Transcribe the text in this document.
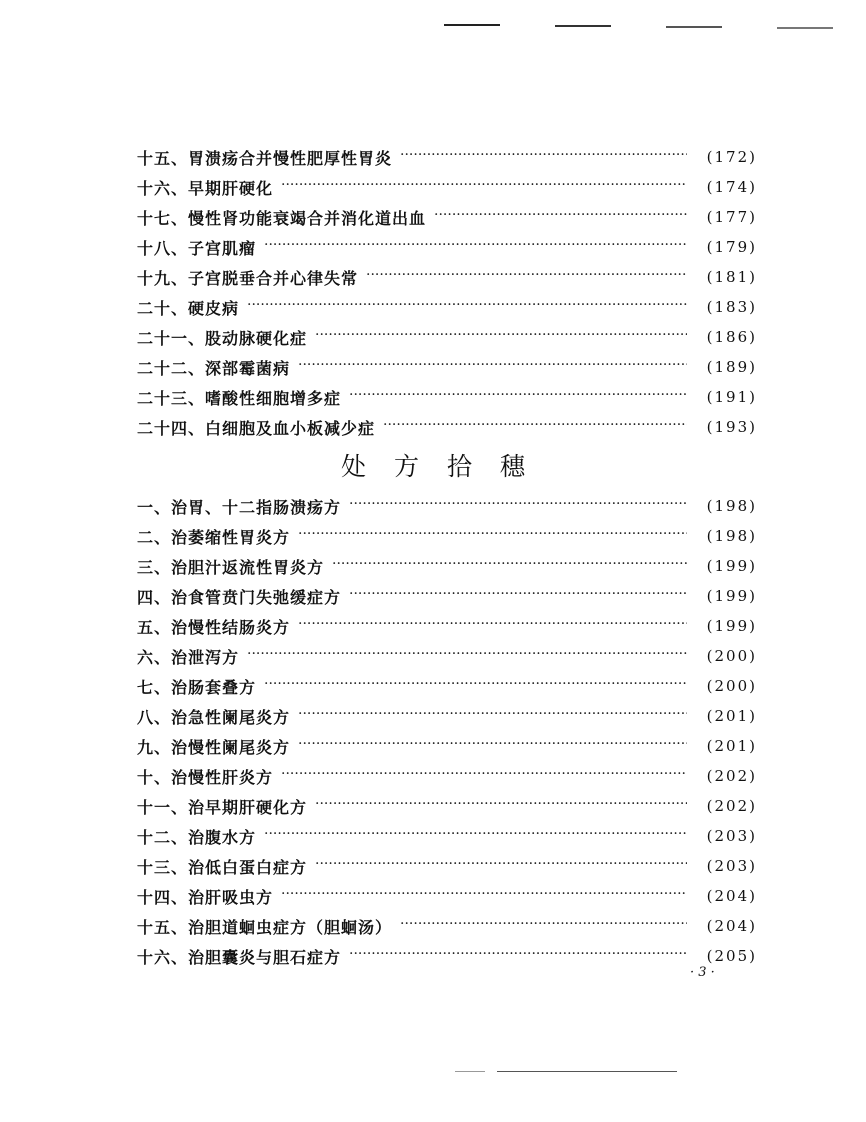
十五、胃溃疡合并慢性肥厚性胃炎 ·····	(172)
十六、早期肝硬化 ·····	(174)
十七、慢性肾功能衰竭合并消化道出血 ·····	(177)
十八、子宫肌瘤 ·····	(179)
十九、子宫脱垂合并心律失常 ·····	(181)
二十、硬皮病 ·····	(183)
二十一、股动脉硬化症 ·····	(186)
二十二、深部霉菌病 ·····	(189)
二十三、嗜酸性细胞增多症 ·····	(191)
二十四、白细胞及血小板减少症 ·····	(193)
处方拾穗
一、治胃、十二指肠溃疡方 ·····	(198)
二、治萎缩性胃炎方 ·····	(198)
三、治胆汁返流性胃炎方 ·····	(199)
四、治食管贲门失弛缓症方 ·····	(199)
五、治慢性结肠炎方 ·····	(199)
六、治泄泻方 ·····	(200)
七、治肠套叠方 ·····	(200)
八、治急性阑尾炎方 ·····	(201)
九、治慢性阑尾炎方 ·····	(201)
十、治慢性肝炎方 ·····	(202)
十一、治早期肝硬化方 ·····	(202)
十二、治腹水方 ·····	(203)
十三、治低白蛋白症方 ·····	(203)
十四、治肝吸虫方 ·····	(204)
十五、治胆道蛔虫症方（胆蛔汤） ·····	(204)
十六、治胆囊炎与胆石症方 ·····	(205)
· 3 ·
